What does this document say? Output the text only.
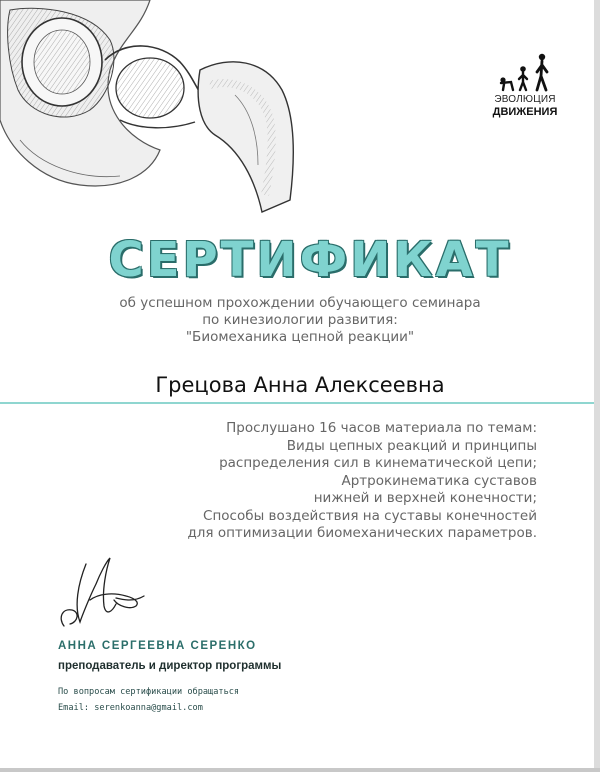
ЭВОЛЮЦИЯ
ДВИЖЕНИЯ
СЕРТИФИКАТ
об успешном прохождении обучающего семинара
по кинезиологии развития:
"Биомеханика цепной реакции"
Грецова Анна Алексеевна
Прослушано 16 часов материала по темам:
Виды цепных реакций и принципы
распределения сил в кинематической цепи;
Артрокинематика суставов
нижней и верхней конечности;
Способы воздействия на суставы конечностей
для оптимизации биомеханических параметров.
АННА СЕРГЕЕВНА СЕРЕНКО
преподаватель и директор программы
По вопросам сертификации обращаться
Email: serenkoanna@gmail.com
